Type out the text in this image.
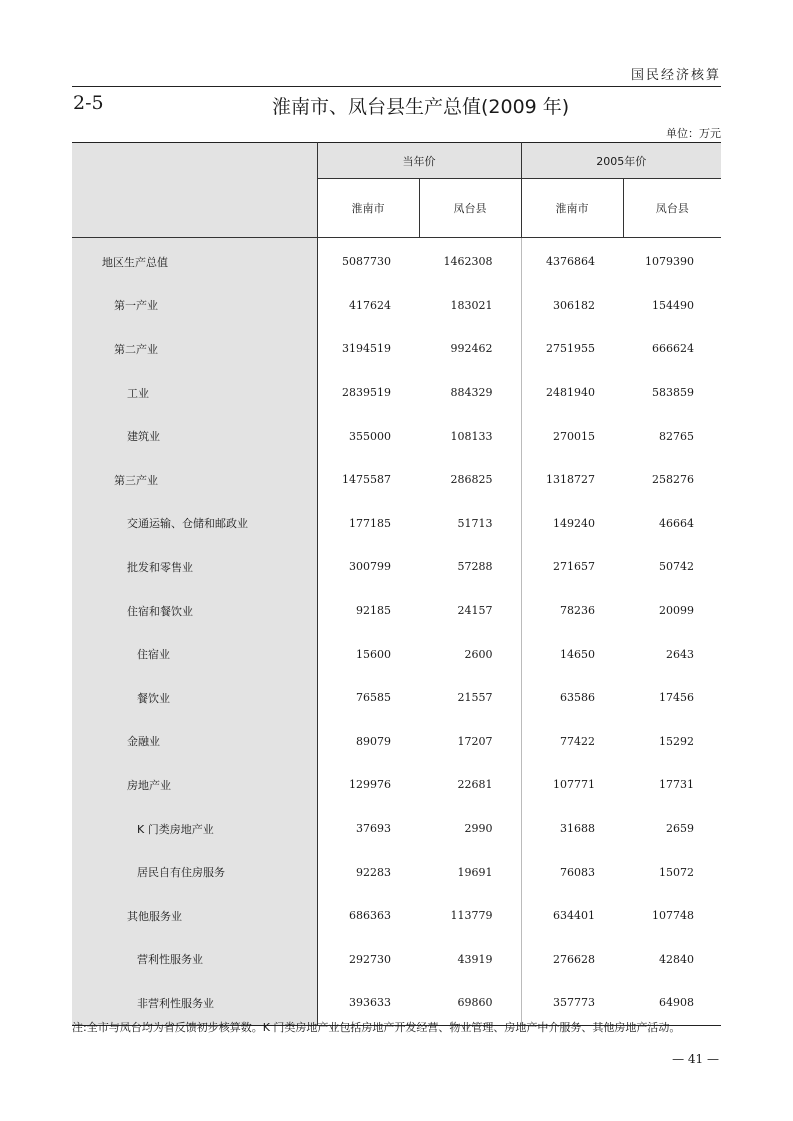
国民经济核算
2-5	淮南市、凤台县生产总值(2009 年)
单位：万元
	当年价		2005年价	
	淮南市	凤台县	淮南市	凤台县
地区生产总值	5087730	1462308	4376864	1079390
第一产业	417624	183021	306182	154490
第二产业	3194519	992462	2751955	666624
工业	2839519	884329	2481940	583859
建筑业	355000	108133	270015	82765
第三产业	1475587	286825	1318727	258276
交通运输、仓储和邮政业	177185	51713	149240	46664
批发和零售业	300799	57288	271657	50742
住宿和餐饮业	92185	24157	78236	20099
住宿业	15600	2600	14650	2643
餐饮业	76585	21557	63586	17456
金融业	89079	17207	77422	15292
房地产业	129976	22681	107771	17731
K 门类房地产业	37693	2990	31688	2659
居民自有住房服务	92283	19691	76083	15072
其他服务业	686363	113779	634401	107748
营利性服务业	292730	43919	276628	42840
非营利性服务业	393633	69860	357773	64908
注:全市与凤台均为省反馈初步核算数。K 门类房地产业包括房地产开发经营、物业管理、房地产中介服务、其他房地产活动。
— 41 —
